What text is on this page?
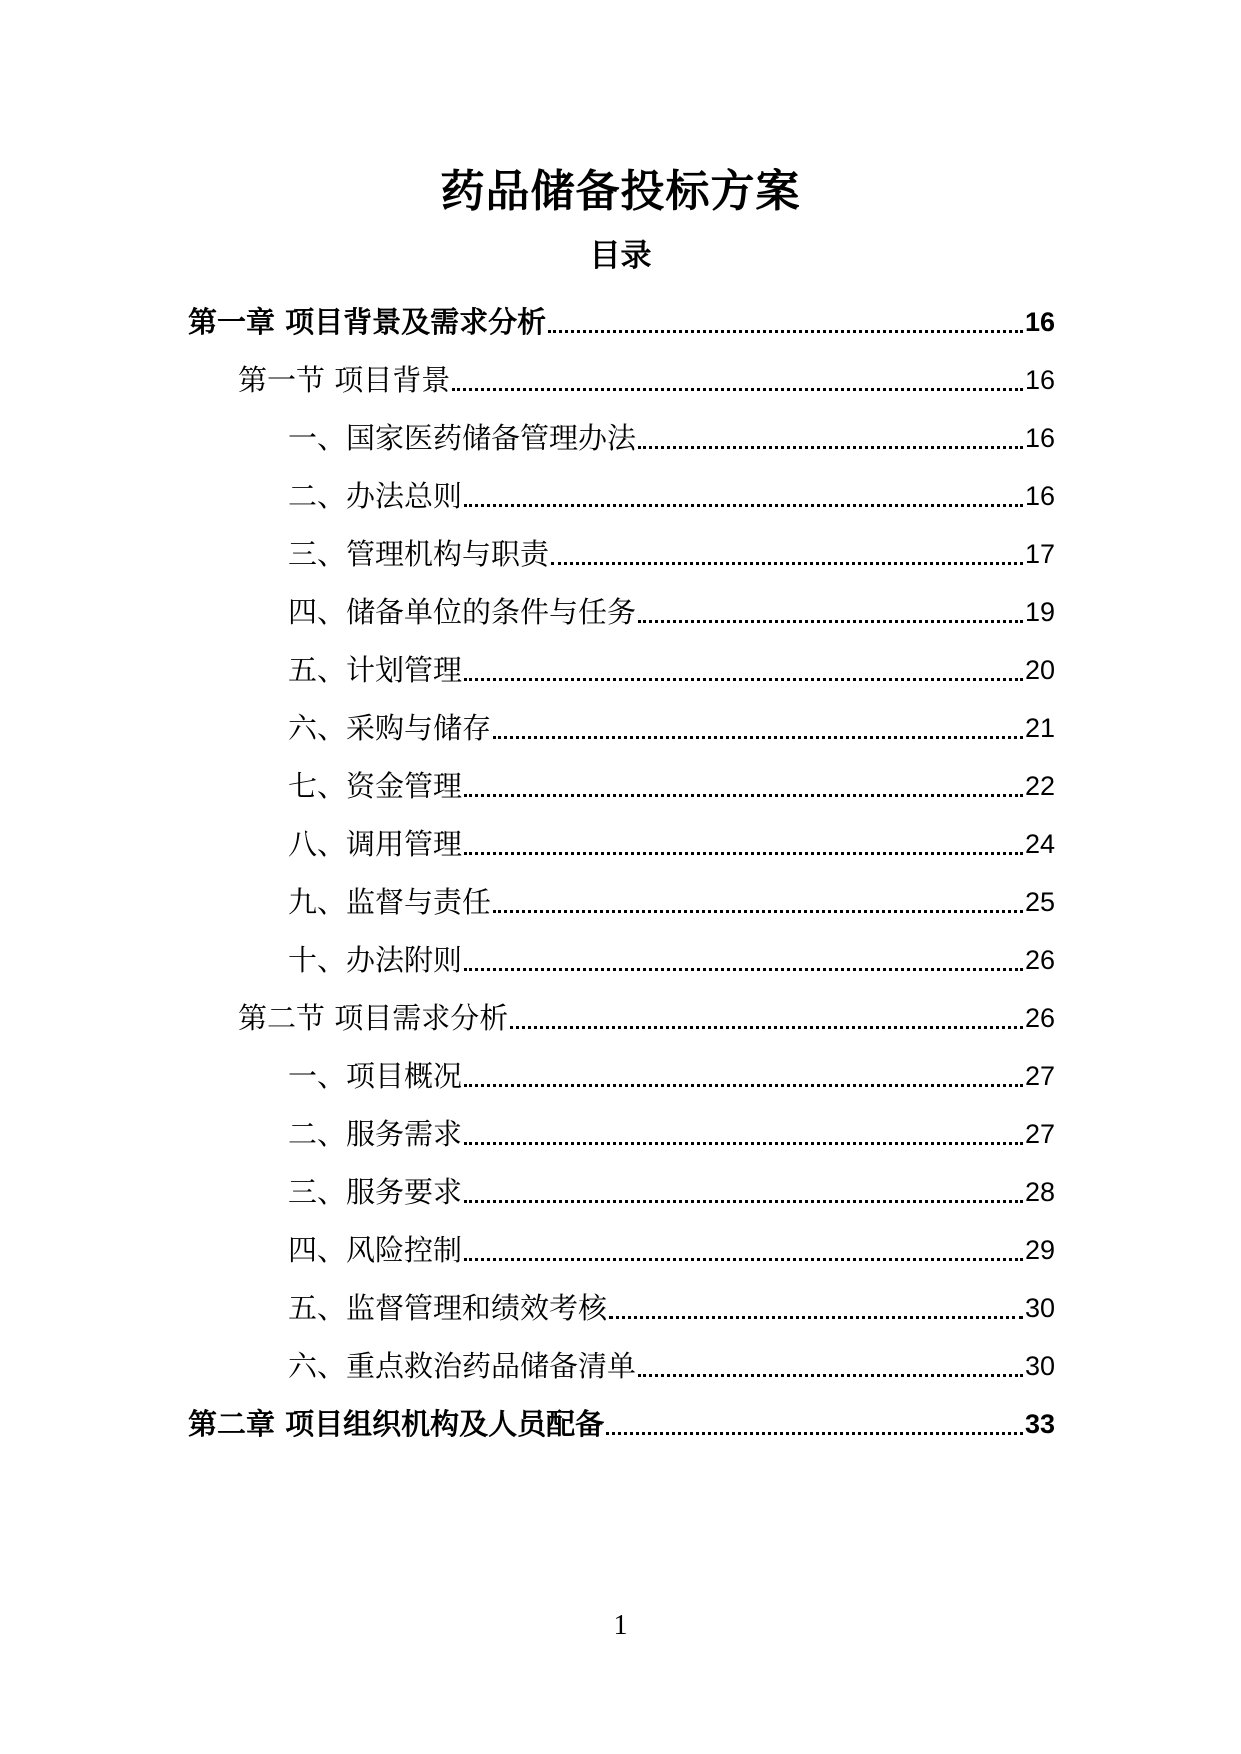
药品储备投标方案
目录
第一章 项目背景及需求分析	16
第一节 项目背景	16
一、国家医药储备管理办法	16
二、办法总则	16
三、管理机构与职责	17
四、储备单位的条件与任务	19
五、计划管理	20
六、采购与储存	21
七、资金管理	22
八、调用管理	24
九、监督与责任	25
十、办法附则	26
第二节 项目需求分析	26
一、项目概况	27
二、服务需求	27
三、服务要求	28
四、风险控制	29
五、监督管理和绩效考核	30
六、重点救治药品储备清单	30
第二章 项目组织机构及人员配备	33
1
